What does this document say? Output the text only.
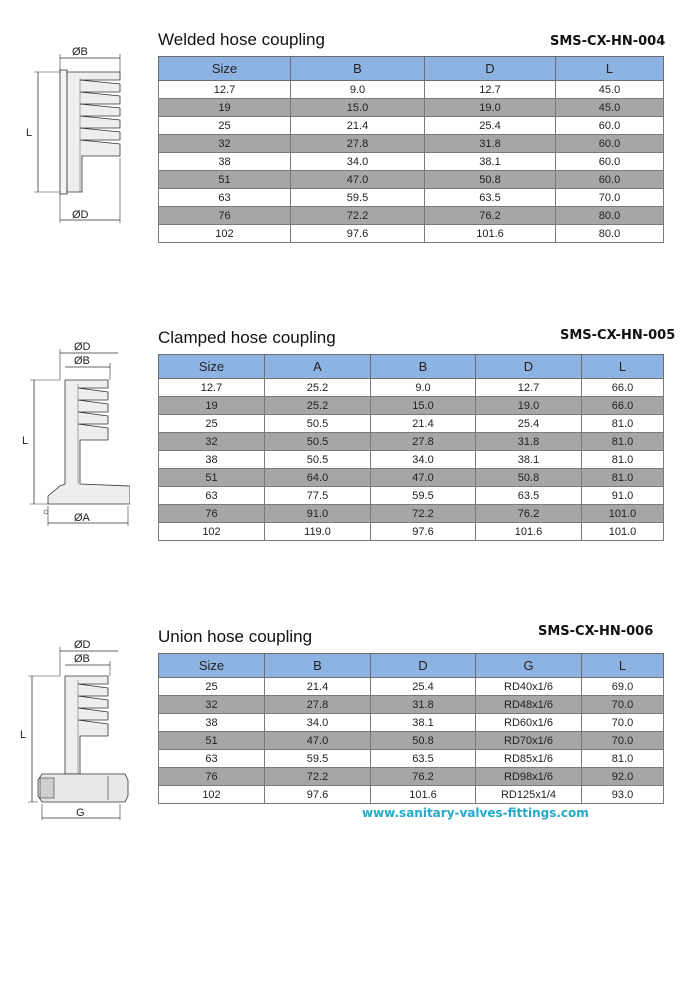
ØB
L
ØD
Welded hose coupling	SMS-CX-HN-004
Size	B	D	L
12.7	9.0	12.7	45.0
19	15.0	19.0	45.0
25	21.4	25.4	60.0
32	27.8	31.8	60.0
38	34.0	38.1	60.0
51	47.0	50.8	60.0
63	59.5	63.5	70.0
76	72.2	76.2	80.0
102	97.6	101.6	80.0
ØD
ØB
L
ØA
Clamped hose coupling	SMS-CX-HN-005
Size	A	B	D	L
12.7	25.2	9.0	12.7	66.0
19	25.2	15.0	19.0	66.0
25	50.5	21.4	25.4	81.0
32	50.5	27.8	31.8	81.0
38	50.5	34.0	38.1	81.0
51	64.0	47.0	50.8	81.0
63	77.5	59.5	63.5	91.0
76	91.0	72.2	76.2	101.0
102	119.0	97.6	101.6	101.0
ØD
ØB
L
G
Union hose coupling	SMS-CX-HN-006
Size	B	D	G	L
25	21.4	25.4	RD40x1/6	69.0
32	27.8	31.8	RD48x1/6	70.0
38	34.0	38.1	RD60x1/6	70.0
51	47.0	50.8	RD70x1/6	70.0
63	59.5	63.5	RD85x1/6	81.0
76	72.2	76.2	RD98x1/6	92.0
102	97.6	101.6	RD125x1/4	93.0
www.sanitary-valves-fittings.com
